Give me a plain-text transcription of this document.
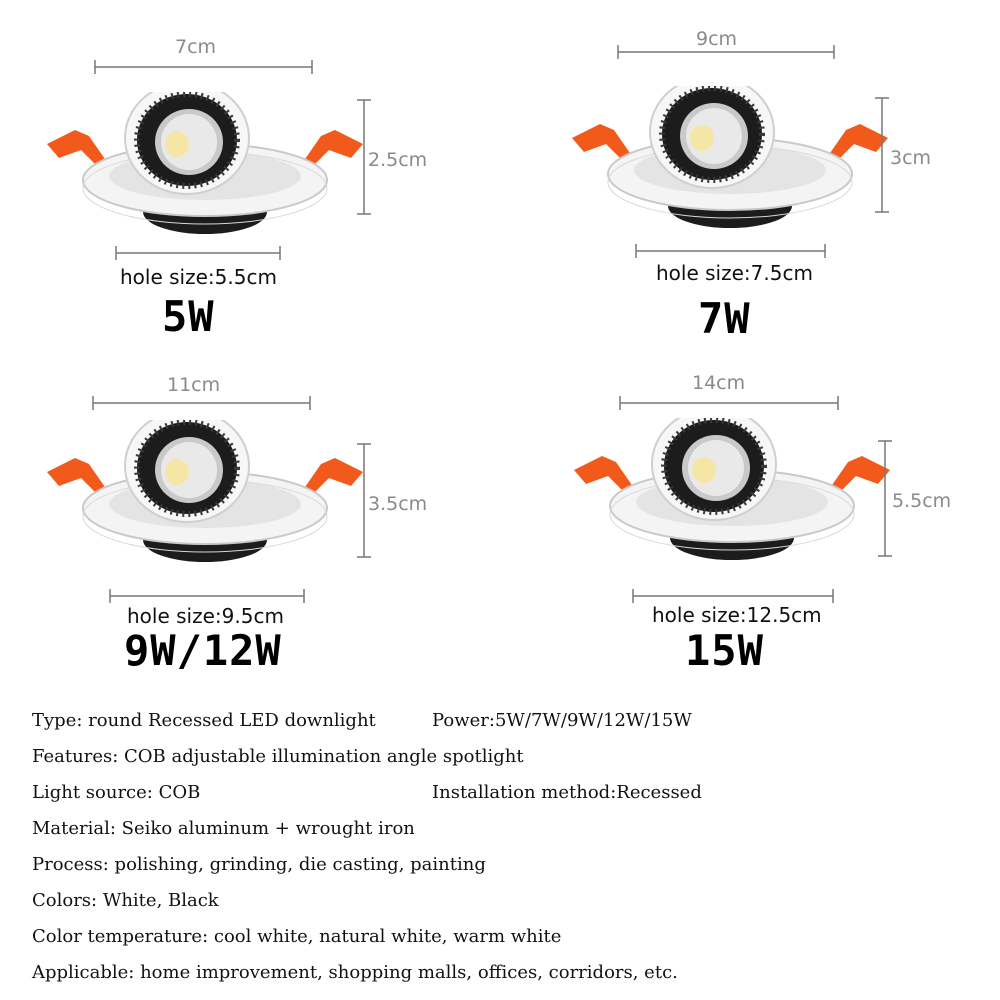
7cm
2.5cm
hole size:5.5cm
5W
9cm
3cm
hole size:7.5cm
7W
11cm
3.5cm
hole size:9.5cm
9W/12W
14cm
5.5cm
hole size:12.5cm
15W
Type: round Recessed LED downlight	Power:5W/7W/9W/12W/15W
Features: COB adjustable illumination angle spotlight
Light source: COB	Installation method:Recessed
Material: Seiko aluminum + wrought iron
Process: polishing, grinding, die casting, painting
Colors: White, Black
Color temperature: cool white, natural white, warm white
Applicable: home improvement, shopping malls, offices, corridors, etc.
